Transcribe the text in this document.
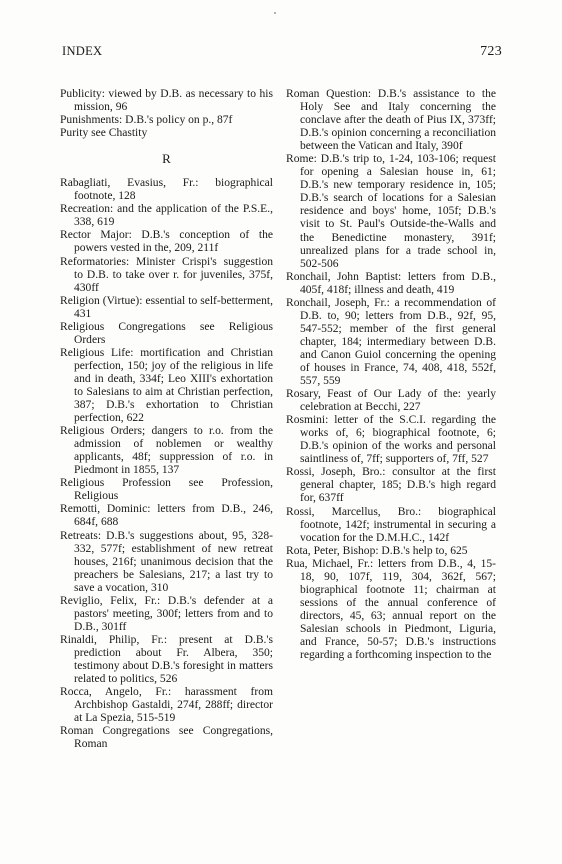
INDEX	723

Publicity: viewed by D.B. as necessary to his mission, 96

Punishments: D.B.'s policy on p., 87f

Purity see Chastity

R

Rabagliati, Evasius, Fr.: biographical footnote, 128

Recreation: and the application of the P.S.E., 338, 619

Rector Major: D.B.'s conception of the powers vested in the, 209, 211f

Reformatories: Minister Crispi's suggestion to D.B. to take over r. for juveniles, 375f, 430ff

Religion (Virtue): essential to self-betterment, 431

Religious Congregations see Religious Orders

Religious Life: mortification and Christian perfection, 150; joy of the religious in life and in death, 334f; Leo XIII's exhortation to Salesians to aim at Christian perfection, 387; D.B.'s exhortation to Christian perfection, 622

Religious Orders; dangers to r.o. from the admission of noblemen or wealthy applicants, 48f; suppression of r.o. in Piedmont in 1855, 137

Religious Profession see Profession, Religious

Remotti, Dominic: letters from D.B., 246, 684f, 688

Retreats: D.B.'s suggestions about, 95, 328-332, 577f; establishment of new retreat houses, 216f; unanimous decision that the preachers be Salesians, 217; a last try to save a vocation, 310

Reviglio, Felix, Fr.: D.B.'s defender at a pastors' meeting, 300f; letters from and to D.B., 301ff

Rinaldi, Philip, Fr.: present at D.B.'s prediction about Fr. Albera, 350; testimony about D.B.'s foresight in matters related to politics, 526

Rocca, Angelo, Fr.: harassment from Archbishop Gastaldi, 274f, 288ff; director at La Spezia, 515-519

Roman Congregations see Congregations, Roman

Roman Question: D.B.'s assistance to the Holy See and Italy concerning the conclave after the death of Pius IX, 373ff; D.B.'s opinion concerning a reconciliation between the Vatican and Italy, 390f

Rome: D.B.'s trip to, 1-24, 103-106; request for opening a Salesian house in, 61; D.B.'s new temporary residence in, 105; D.B.'s search of locations for a Salesian residence and boys' home, 105f; D.B.'s visit to St. Paul's Outside-the-Walls and the Benedictine monastery, 391f; unrealized plans for a trade school in, 502-506

Ronchail, John Baptist: letters from D.B., 405f, 418f; illness and death, 419

Ronchail, Joseph, Fr.: a recommendation of D.B. to, 90; letters from D.B., 92f, 95, 547-552; member of the first general chapter, 184; intermediary between D.B. and Canon Guiol concerning the opening of houses in France, 74, 408, 418, 552f, 557, 559

Rosary, Feast of Our Lady of the: yearly celebration at Becchi, 227

Rosmini: letter of the S.C.I. regarding the works of, 6; biographical footnote, 6; D.B.'s opinion of the works and personal saintliness of, 7ff; supporters of, 7ff, 527

Rossi, Joseph, Bro.: consultor at the first general chapter, 185; D.B.'s high regard for, 637ff

Rossi, Marcellus, Bro.: biographical footnote, 142f; instrumental in securing a vocation for the D.M.H.C., 142f

Rota, Peter, Bishop: D.B.'s help to, 625

Rua, Michael, Fr.: letters from D.B., 4, 15-18, 90, 107f, 119, 304, 362f, 567; biographical footnote 11; chairman at sessions of the annual conference of directors, 45, 63; annual report on the Salesian schools in Piedmont, Liguria, and France, 50-57; D.B.'s instructions regarding a forthcoming inspection to the
